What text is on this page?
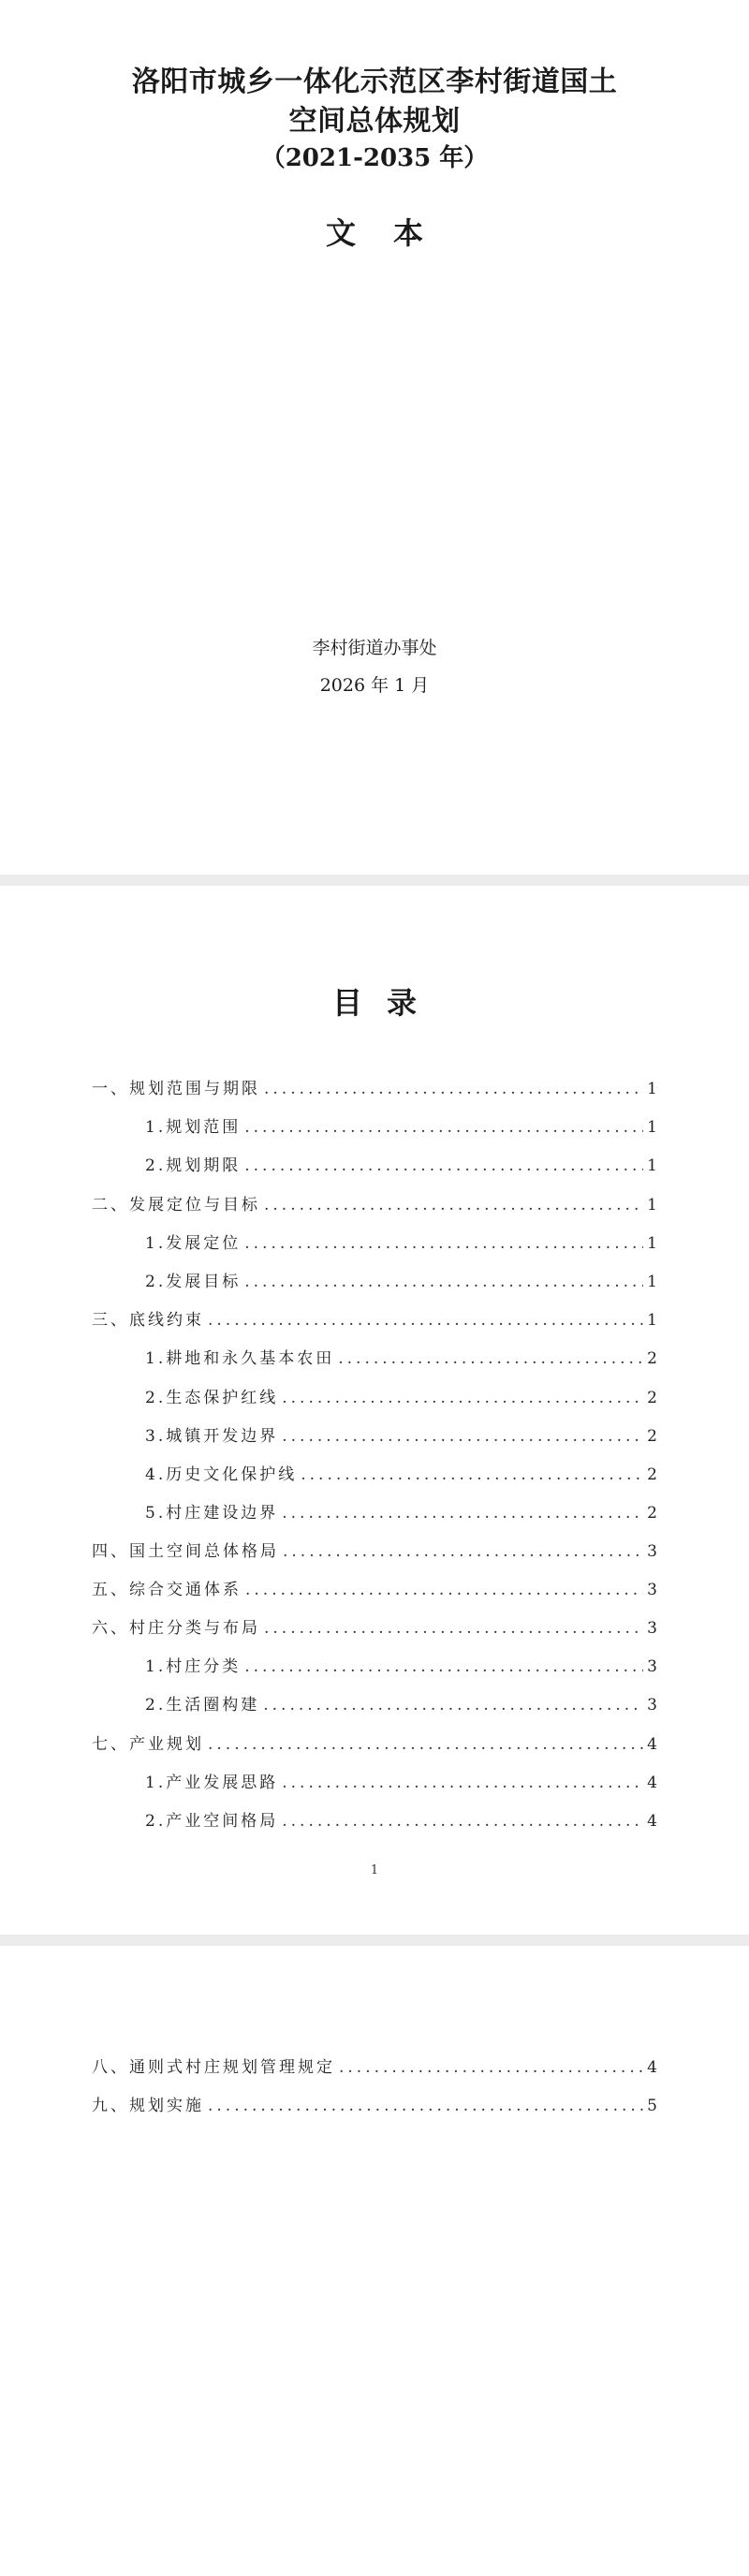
洛阳市城乡一体化示范区李村街道国土
空间总体规划
（2021-2035 年）
文本
李村街道办事处
2026 年 1 月
目录
一、规划范围与期限 .....	1
1.规划范围 .....	1
2.规划期限 .....	1
二、发展定位与目标 .....	1
1.发展定位 .....	1
2.发展目标 .....	1
三、底线约束 .....	1
1.耕地和永久基本农田 .....	2
2.生态保护红线 .....	2
3.城镇开发边界 .....	2
4.历史文化保护线 .....	2
5.村庄建设边界 .....	2
四、国土空间总体格局 .....	3
五、综合交通体系 .....	3
六、村庄分类与布局 .....	3
1.村庄分类 .....	3
2.生活圈构建 .....	3
七、产业规划 .....	4
1.产业发展思路 .....	4
2.产业空间格局 .....	4
1
八、通则式村庄规划管理规定 .....	4
九、规划实施 .....	5
